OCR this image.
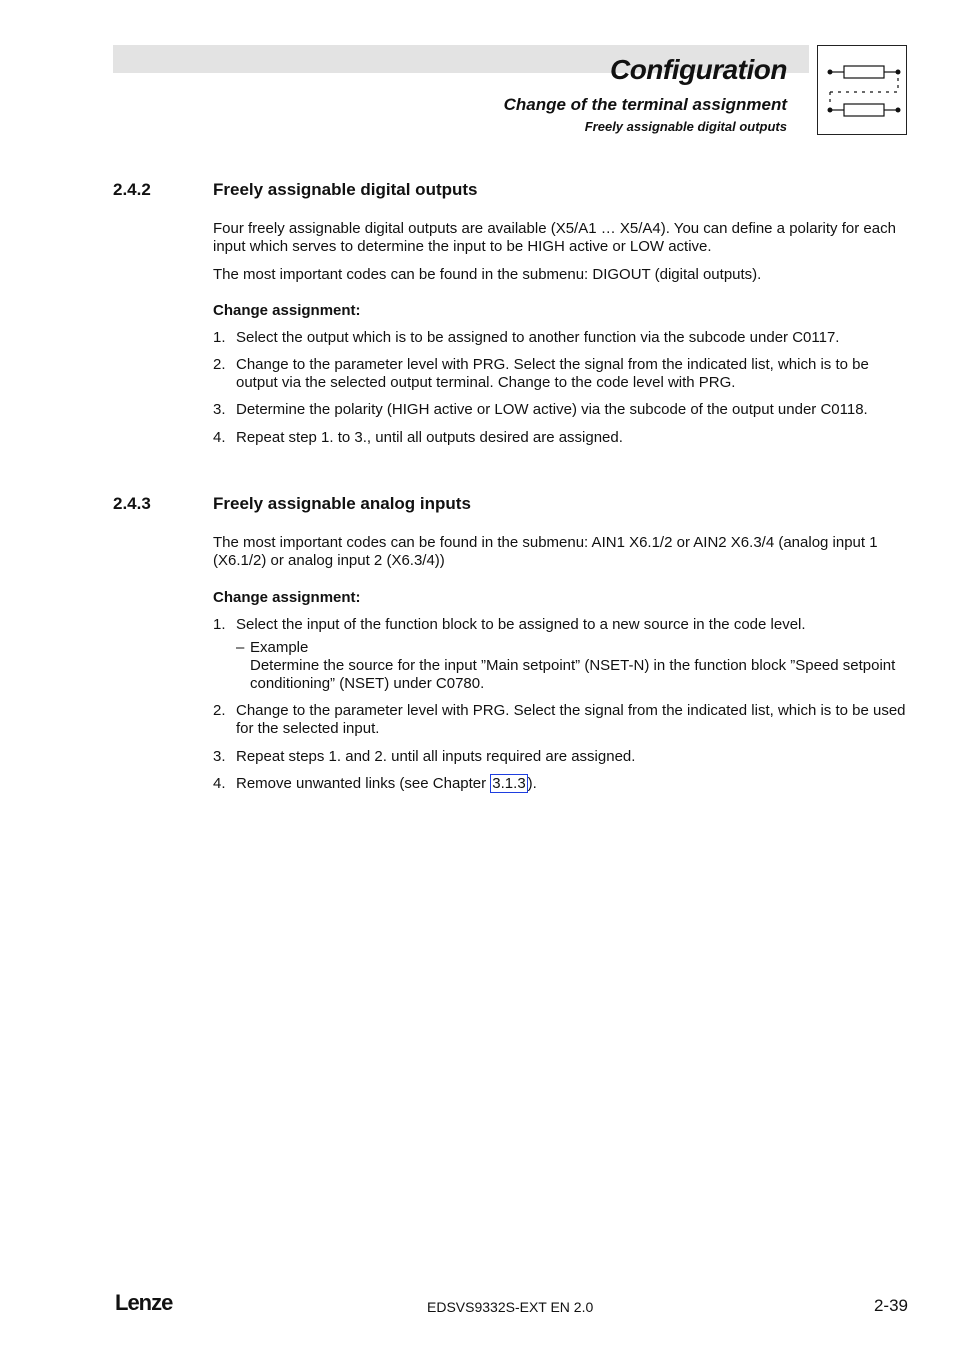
Configuration
Change of the terminal assignment
Freely assignable digital outputs
2.4.2	Freely assignable digital outputs

Four freely assignable digital outputs are available (X5/A1 … X5/A4). You can define a polarity for each input which serves to determine the input to be HIGH active or LOW active.

The most important codes can be found in the submenu: DIGOUT (digital outputs).

Change assignment:

1. Select the output which is to be assigned to another function via the subcode under C0117.
2. Change to the parameter level with PRG. Select the signal from the indicated list, which is to be output via the selected output terminal. Change to the code level with PRG.
3. Determine the polarity (HIGH active or LOW active) via the subcode of the output under C0118.
4. Repeat step 1. to 3., until all outputs desired are assigned.
2.4.3	Freely assignable analog inputs

The most important codes can be found in the submenu: AIN1 X6.1/2 or AIN2 X6.3/4 (analog input 1 (X6.1/2) or analog input 2 (X6.3/4))

Change assignment:

1. Select the input of the function block to be assigned to a new source in the code level.
– Example
Determine the source for the input ”Main setpoint” (NSET-N) in the function block ”Speed setpoint conditioning” (NSET) under C0780.
2. Change to the parameter level with PRG. Select the signal from the indicated list, which is to be used for the selected input.
3. Repeat steps 1. and 2. until all inputs required are assigned.
4. Remove unwanted links (see Chapter 3.1.3 ).
Lenze	EDSVS9332S-EXT EN 2.0	2-39
